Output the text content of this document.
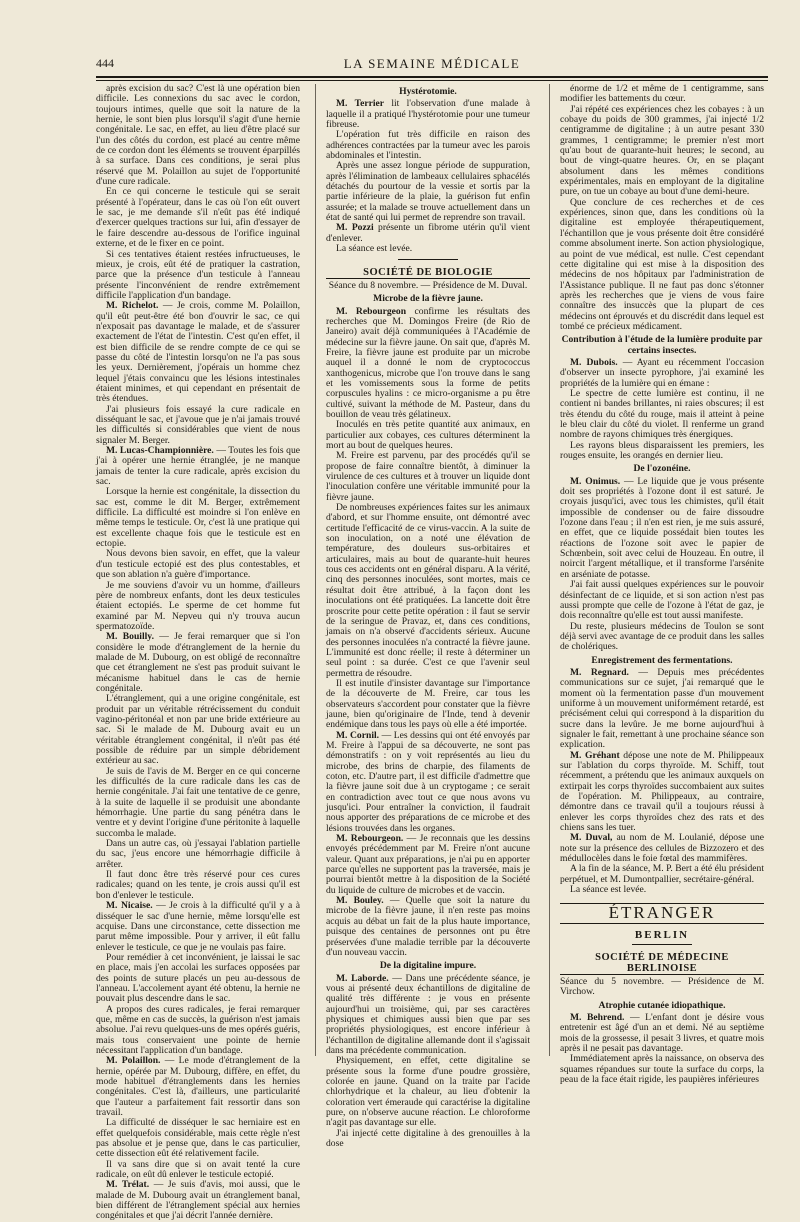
444	LA SEMAINE MÉDICALE

après excision du sac? C'est là une opération bien difficile. Les connexions du sac avec le cordon, toujours intimes, quelle que soit la nature de la hernie, le sont bien plus lorsqu'il s'agit d'une hernie congénitale. Le sac, en effet, au lieu d'être placé sur l'un des côtés du cordon, est placé au centre même de ce cordon dont les éléments se trouvent éparpillés à sa surface. Dans ces conditions, je serai plus réservé que M. Polaillon au sujet de l'opportunité d'une cure radicale.

En ce qui concerne le testicule qui se serait présenté à l'opérateur, dans le cas où l'on eût ouvert le sac, je me demande s'il n'eût pas été indiqué d'exercer quelques tractions sur lui, afin d'essayer de le faire descendre au-dessous de l'orifice inguinal externe, et de le fixer en ce point.

Si ces tentatives étaient restées infructueuses, le mieux, je crois, eût été de pratiquer la castration, parce que la présence d'un testicule à l'anneau présente l'inconvénient de rendre extrêmement difficile l'application d'un bandage.

M. Richelot. — Je crois, comme M. Polaillon, qu'il eût peut-être été bon d'ouvrir le sac, ce qui n'exposait pas davantage le malade, et de s'assurer exactement de l'état de l'intestin. C'est qu'en effet, il est bien difficile de se rendre compte de ce qui se passe du côté de l'intestin lorsqu'on ne l'a pas sous les yeux. Dernièrement, j'opérais un homme chez lequel j'étais convaincu que les lésions intestinales étaient minimes, et qui cependant en présentait de très étendues.

J'ai plusieurs fois essayé la cure radicale en disséquant le sac, et j'avoue que je n'ai jamais trouvé les difficultés si considérables que vient de nous signaler M. Berger.

M. Lucas-Championnière. — Toutes les fois que j'ai à opérer une hernie étranglée, je ne manque jamais de tenter la cure radicale, après excision du sac.

Lorsque la hernie est congénitale, la dissection du sac est, comme le dit M. Berger, extrêmement difficile. La difficulté est moindre si l'on enlève en même temps le testicule. Or, c'est là une pratique qui est excellente chaque fois que le testicule est en ectopie.

Nous devons bien savoir, en effet, que la valeur d'un testicule ectopié est des plus contestables, et que son ablation n'a guère d'importance.

Je me souviens d'avoir vu un homme, d'ailleurs père de nombreux enfants, dont les deux testicules étaient ectopiés. Le sperme de cet homme fut examiné par M. Nepveu qui n'y trouva aucun spermatozoïde.

M. Bouilly. — Je ferai remarquer que si l'on considère le mode d'étranglement de la hernie du malade de M. Dubourg, on est obligé de reconnaître que cet étranglement ne s'est pas produit suivant le mécanisme habituel dans le cas de hernie congénitale.

L'étranglement, qui a une origine congénitale, est produit par un véritable rétrécissement du conduit vagino-péritonéal et non par une bride extérieure au sac. Si le malade de M. Dubourg avait eu un véritable étranglement congénital, il n'eût pas été possible de réduire par un simple débridement extérieur au sac.

Je suis de l'avis de M. Berger en ce qui concerne les difficultés de la cure radicale dans les cas de hernie congénitale. J'ai fait une tentative de ce genre, à la suite de laquelle il se produisit une abondante hémorrhagie. Une partie du sang pénétra dans le ventre et y devint l'origine d'une péritonite à laquelle succomba le malade.

Dans un autre cas, où j'essayai l'ablation partielle du sac, j'eus encore une hémorrhagie difficile à arrêter.

Il faut donc être très réservé pour ces cures radicales; quand on les tente, je crois aussi qu'il est bon d'enlever le testicule.

M. Nicaise. — Je crois à la difficulté qu'il y a à disséquer le sac d'une hernie, même lorsqu'elle est acquise. Dans une circonstance, cette dissection me parut même impossible. Pour y arriver, il eût fallu enlever le testicule, ce que je ne voulais pas faire.

Pour remédier à cet inconvénient, je laissai le sac en place, mais j'en accolai les surfaces opposées par des points de suture placés un peu au-dessous de l'anneau. L'accolement ayant été obtenu, la hernie ne pouvait plus descendre dans le sac.

A propos des cures radicales, je ferai remarquer que, même en cas de succès, la guérison n'est jamais absolue. J'ai revu quelques-uns de mes opérés guéris, mais tous conservaient une pointe de hernie nécessitant l'application d'un bandage.

M. Polaillon. — Le mode d'étranglement de la hernie, opérée par M. Dubourg, diffère, en effet, du mode habituel d'étranglements dans les hernies congénitales. C'est là, d'ailleurs, une particularité que l'auteur a parfaitement fait ressortir dans son travail.

La difficulté de disséquer le sac herniaire est en effet quelquefois considérable, mais cette règle n'est pas absolue et je pense que, dans le cas particulier, cette dissection eût été relativement facile.

Il va sans dire que si on avait tenté la cure radicale, on eût dû enlever le testicule ectopié.

M. Trélat. — Je suis d'avis, moi aussi, que le malade de M. Dubourg avait un étranglement banal, bien différent de l'étranglement spécial aux hernies congénitales et que j'ai décrit l'année dernière.

Hystérotomie.

M. Terrier lit l'observation d'une malade à laquelle il a pratiqué l'hystérotomie pour une tumeur fibreuse.

L'opération fut très difficile en raison des adhérences contractées par la tumeur avec les parois abdominales et l'intestin.

Après une assez longue période de suppuration, après l'élimination de lambeaux cellulaires sphacélés détachés du pourtour de la vessie et sortis par la partie inférieure de la plaie, la guérison fut enfin assurée; et la malade se trouve actuellement dans un état de santé qui lui permet de reprendre son travail.

M. Pozzi présente un fibrome utérin qu'il vient d'enlever.

La séance est levée.

SOCIÉTÉ DE BIOLOGIE

Séance du 8 novembre. — Présidence de M. Duval.

Microbe de la fièvre jaune.

M. Rebourgeon confirme les résultats des recherches que M. Domingos Freire (de Rio de Janeiro) avait déjà communiquées à l'Académie de médecine sur la fièvre jaune. On sait que, d'après M. Freire, la fièvre jaune est produite par un microbe auquel il a donné le nom de cryptococcus xanthogenicus, microbe que l'on trouve dans le sang et les vomissements sous la forme de petits corpuscules hyalins : ce micro-organisme a pu être cultivé, suivant la méthode de M. Pasteur, dans du bouillon de veau très gélatineux.

Inoculés en très petite quantité aux animaux, en particulier aux cobayes, ces cultures déterminent la mort au bout de quelques heures.

M. Freire est parvenu, par des procédés qu'il se propose de faire connaître bientôt, à diminuer la virulence de ces cultures et à trouver un liquide dont l'inoculation confère une véritable immunité pour la fièvre jaune.

De nombreuses expériences faites sur les animaux d'abord, et sur l'homme ensuite, ont démontré avec certitude l'efficacité de ce virus-vaccin. A la suite de son inoculation, on a noté une élévation de température, des douleurs sus-orbitaires et articulaires, mais au bout de quarante-huit heures tous ces accidents ont en général disparu. A la vérité, cinq des personnes inoculées, sont mortes, mais ce résultat doit être attribué, à la façon dont les inoculations ont été pratiquées. La lancette doit être proscrite pour cette petite opération : il faut se servir de la seringue de Pravaz, et, dans ces conditions, jamais on n'a observé d'accidents sérieux. Aucune des personnes inoculées n'a contracté la fièvre jaune. L'immunité est donc réelle; il reste à déterminer un seul point : sa durée. C'est ce que l'avenir seul permettra de résoudre.

Il est inutile d'insister davantage sur l'importance de la découverte de M. Freire, car tous les observateurs s'accordent pour constater que la fièvre jaune, bien qu'originaire de l'Inde, tend à devenir endémique dans tous les pays où elle a été importée.

M. Cornil. — Les dessins qui ont été envoyés par M. Freire à l'appui de sa découverte, ne sont pas démonstratifs : on y voit représentés au lieu du microbe, des brins de charpie, des filaments de coton, etc. D'autre part, il est difficile d'admettre que la fièvre jaune soit due à un cryptogame ; ce serait en contradiction avec tout ce que nous avons vu jusqu'ici. Pour entraîner la conviction, il faudrait nous apporter des préparations de ce microbe et des lésions trouvées dans les organes.

M. Rebourgeon. — Je reconnais que les dessins envoyés précédemment par M. Freire n'ont aucune valeur. Quant aux préparations, je n'ai pu en apporter parce qu'elles ne supportent pas la traversée, mais je pourrai bientôt mettre à la disposition de la Société du liquide de culture de microbes et de vaccin.

M. Bouley. — Quelle que soit la nature du microbe de la fièvre jaune, il n'en reste pas moins acquis au débat un fait de la plus haute importance, puisque des centaines de personnes ont pu être préservées d'une maladie terrible par la découverte d'un nouveau vaccin.

De la digitaline impure.

M. Laborde. — Dans une précédente séance, je vous ai présenté deux échantillons de digitaline de qualité très différente : je vous en présente aujourd'hui un troisième, qui, par ses caractères physiques et chimiques aussi bien que par ses propriétés physiologiques, est encore inférieur à l'échantillon de digitaline allemande dont il s'agissait dans ma précédente communication.

Physiquement, en effet, cette digitaline se présente sous la forme d'une poudre grossière, colorée en jaune. Quand on la traite par l'acide chlorhydrique et la chaleur, au lieu d'obtenir la coloration vert émeraude qui caractérise la digitaline pure, on n'observe aucune réaction. Le chloroforme n'agit pas davantage sur elle.

J'ai injecté cette digitaline à des grenouilles à la dose

énorme de 1/2 et même de 1 centigramme, sans modifier les battements du cœur.

J'ai répété ces expériences chez les cobayes : à un cobaye du poids de 300 grammes, j'ai injecté 1/2 centigramme de digitaline ; à un autre pesant 330 grammes, 1 centigramme; le premier n'est mort qu'au bout de quarante-huit heures; le second, au bout de vingt-quatre heures. Or, en se plaçant absolument dans les mêmes conditions expérimentales, mais en employant de la digitaline pure, on tue un cobaye au bout d'une demi-heure.

Que conclure de ces recherches et de ces expériences, sinon que, dans les conditions où la digitaline est employée thérapeutiquement, l'échantillon que je vous présente doit être considéré comme absolument inerte. Son action physiologique, au point de vue médical, est nulle. C'est cependant cette digitaline qui est mise à la disposition des médecins de nos hôpitaux par l'administration de l'Assistance publique. Il ne faut pas donc s'étonner après les recherches que je viens de vous faire connaître des insuccès que la plupart de ces médecins ont éprouvés et du discrédit dans lequel est tombé ce précieux médicament.

Contribution à l'étude de la lumière produite par certains insectes.

M. Dubois. — Ayant eu récemment l'occasion d'observer un insecte pyrophore, j'ai examiné les propriétés de la lumière qui en émane :

Le spectre de cette lumière est continu, il ne contient ni bandes brillantes, ni raies obscures; il est très étendu du côté du rouge, mais il atteint à peine le bleu clair du côté du violet. Il renferme un grand nombre de rayons chimiques très énergiques.

Les rayons bleus disparaissent les premiers, les rouges ensuite, les orangés en dernier lieu.

De l'ozonéine.

M. Onimus. — Le liquide que je vous présente doit ses propriétés à l'ozone dont il est saturé. Je croyais jusqu'ici, avec tous les chimistes, qu'il était impossible de condenser ou de faire dissoudre l'ozone dans l'eau ; il n'en est rien, je me suis assuré, en effet, que ce liquide possédait bien toutes les réactions de l'ozone soit avec le papier de Schœnbein, soit avec celui de Houzeau. En outre, il noircit l'argent métallique, et il transforme l'arsénite en arséniate de potasse.

J'ai fait aussi quelques expériences sur le pouvoir désinfectant de ce liquide, et si son action n'est pas aussi prompte que celle de l'ozone à l'état de gaz, je dois reconnaître qu'elle est tout aussi manifeste.

Du reste, plusieurs médecins de Toulon se sont déjà servi avec avantage de ce produit dans les salles de cholériques.

Enregistrement des fermentations.

M. Regnard. — Depuis mes précédentes communications sur ce sujet, j'ai remarqué que le moment où la fermentation passe d'un mouvement uniforme à un mouvement uniformément retardé, est précisément celui qui correspond à la disparition du sucre dans la levûre. Je me borne aujourd'hui à signaler le fait, remettant à une prochaine séance son explication.

M. Gréhant dépose une note de M. Philippeaux sur l'ablation du corps thyroïde. M. Schiff, tout récemment, a prétendu que les animaux auxquels on extirpait les corps thyroïdes succombaient aux suites de l'opération. M. Philippeaux, au contraire, démontre dans ce travail qu'il a toujours réussi à enlever les corps thyroïdes chez des rats et des chiens sans les tuer.

M. Duval, au nom de M. Loulanié, dépose une note sur la présence des cellules de Bizzozero et des médullocèles dans le foie fœtal des mammifères.

A la fin de la séance, M. P. Bert a été élu président perpétuel, et M. Dumontpallier, secrétaire-général.

La séance est levée.

ÉTRANGER
BERLIN
SOCIÉTÉ DE MÉDECINE BERLINOISE

Séance du 5 novembre. — Présidence de M. Virchow.

Atrophie cutanée idiopathique.

M. Behrend. — L'enfant dont je désire vous entretenir est âgé d'un an et demi. Né au septième mois de la grossesse, il pesait 3 livres, et quatre mois après il ne pesait pas davantage.

Immédiatement après la naissance, on observa des squames répandues sur toute la surface du corps, la peau de la face était rigide, les paupières inférieures
